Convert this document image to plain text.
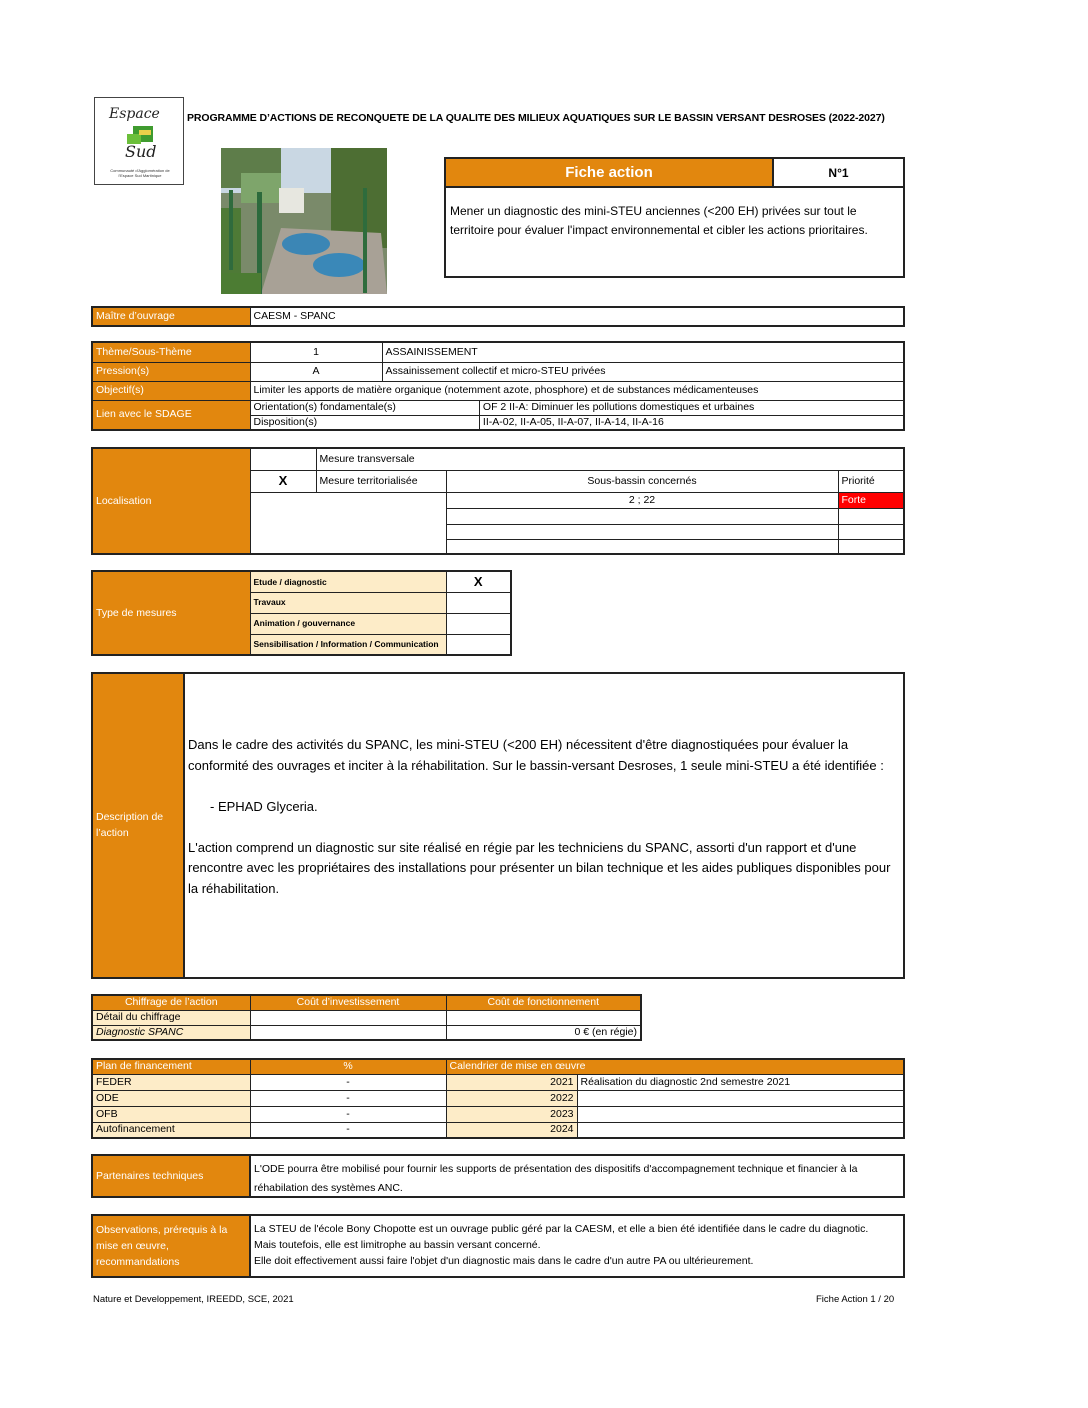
Espace
Sud
Communauté d'Agglomération de l'Espace Sud Martinique
PROGRAMME D’ACTIONS DE RECONQUETE DE LA QUALITE DES MILIEUX AQUATIQUES SUR LE BASSIN VERSANT DESROSES (2022-2027)
Fiche action	N°1
Mener un diagnostic des mini-STEU anciennes (<200 EH) privées sur tout le territoire pour évaluer l'impact environnemental et cibler les actions prioritaires.
Maître d’ouvrage	CAESM - SPANC
Thème/Sous-Thème	1	ASSAINISSEMENT	
Pression(s)	A	Assainissement collectif et micro-STEU privées	
Objectif(s)	Limiter les apports de matière organique (notemment azote, phosphore) et de substances médicamenteuses		
Lien avec le SDAGE	Orientation(s) fondamentale(s)		OF 2 II-A: Diminuer les pollutions domestiques et urbaines
	Disposition(s)		II-A-02, II-A-05, II-A-07, II-A-14, II-A-16
Localisation		Mesure transversale		
	X	Mesure territorialisée	Sous-bassin concernés	Priorité
			2 ; 22	Forte

Type de mesures	Etude / diagnostic	X
	Travaux	
	Animation / gouvernance	
	Sensibilisation / Information / Communication	
Description de l’action

Dans le cadre des activités du SPANC, les mini-STEU (<200 EH) nécessitent d'être diagnostiquées pour évaluer la conformité des ouvrages et inciter à la réhabilitation. Sur le bassin-versant Desroses, 1 seule mini-STEU a été identifiée :

- EPHAD Glyceria.

L'action comprend un diagnostic sur site réalisé en régie par les techniciens du SPANC, assorti d'un rapport et d'une rencontre avec les propriétaires des installations pour présenter un bilan technique et les aides publiques disponibles pour la réhabilitation.

Chiffrage de l’action	Coût d’investissement	Coût de fonctionnement
Détail du chiffrage		
Diagnostic SPANC		0 € (en régie)
Plan de financement	%	Calendrier de mise en œuvre	
FEDER	-	2021	Réalisation du diagnostic 2nd semestre 2021
ODE	-	2022	
OFB	-	2023	
Autofinancement	-	2024	
Partenaires techniques
L'ODE pourra être mobilisé pour fournir les supports de présentation des dispositifs d'accompagnement technique et financier à la réhabilation des systèmes ANC.
Observations, prérequis à la mise en œuvre, recommandations
La STEU de l'école Bony Chopotte est un ouvrage public géré par la CAESM, et elle a bien été identifiée dans le cadre du diagnotic.
Mais toutefois, elle est limitrophe au bassin versant concerné.
Elle doit effectivement aussi faire l'objet d'un diagnostic mais dans le cadre d'un autre PA ou ultérieurement.
Nature et Developpement, IREEDD, SCE, 2021	Fiche Action 1 / 20
